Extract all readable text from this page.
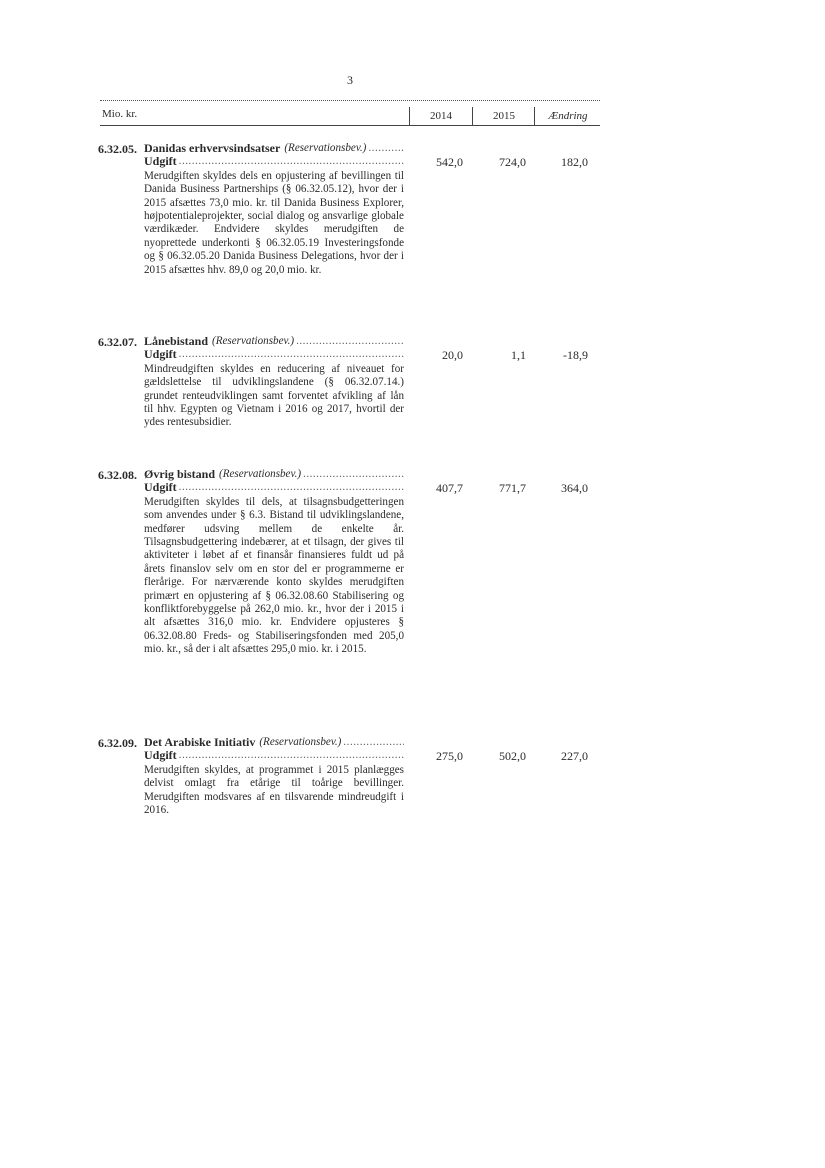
3
Mio. kr.	2014	2015	Ændring
6.32.05. Danidas erhvervsindsatser (Reservationsbev.)
.....
Udgift
.....
Merudgiften skyldes dels en opjustering af bevillingen til Danida Business Partnerships (§ 06.32.05.12), hvor der i 2015 afsættes 73,0 mio. kr. til Danida Business Explorer, højpotentialeprojekter, social dialog og ansvarlige globale værdikæder. Endvidere skyldes merudgiften de nyoprettede underkonti § 06.32.05.19 Investeringsfonde og § 06.32.05.20 Danida Business Delegations, hvor der i 2015 afsættes hhv. 89,0 og 20,0 mio. kr.
542,0	724,0	182,0
6.32.07. Lånebistand (Reservationsbev.)
.....
Udgift
.....
Mindreudgiften skyldes en reducering af niveauet for gældslettelse til udviklingslandene (§ 06.32.07.14.) grundet renteudviklingen samt forventet afvikling af lån til hhv. Egypten og Vietnam i 2016 og 2017, hvortil der ydes rentesubsidier.
20,0	1,1	-18,9
6.32.08. Øvrig bistand (Reservationsbev.)
.....
Udgift
.....
Merudgiften skyldes til dels, at tilsagnsbudgetteringen som anvendes under § 6.3. Bistand til udviklingslandene, medfører udsving mellem de enkelte år. Tilsagnsbudgettering indebærer, at et tilsagn, der gives til aktiviteter i løbet af et finansår finansieres fuldt ud på årets finanslov selv om en stor del er programmerne er flerårige. For nærværende konto skyldes merudgiften primært en opjustering af § 06.32.08.60 Stabilisering og konfliktforebyggelse på 262,0 mio. kr., hvor der i 2015 i alt afsættes 316,0 mio. kr. Endvidere opjusteres § 06.32.08.80 Freds- og Stabiliseringsfonden med 205,0 mio. kr., så der i alt afsættes 295,0 mio. kr. i 2015.
407,7	771,7	364,0
6.32.09. Det Arabiske Initiativ (Reservationsbev.)
.....
Udgift
.....
Merudgiften skyldes, at programmet i 2015 planlægges delvist omlagt fra etårige til toårige bevillinger. Merudgiften modsvares af en tilsvarende mindreudgift i 2016.
275,0	502,0	227,0
